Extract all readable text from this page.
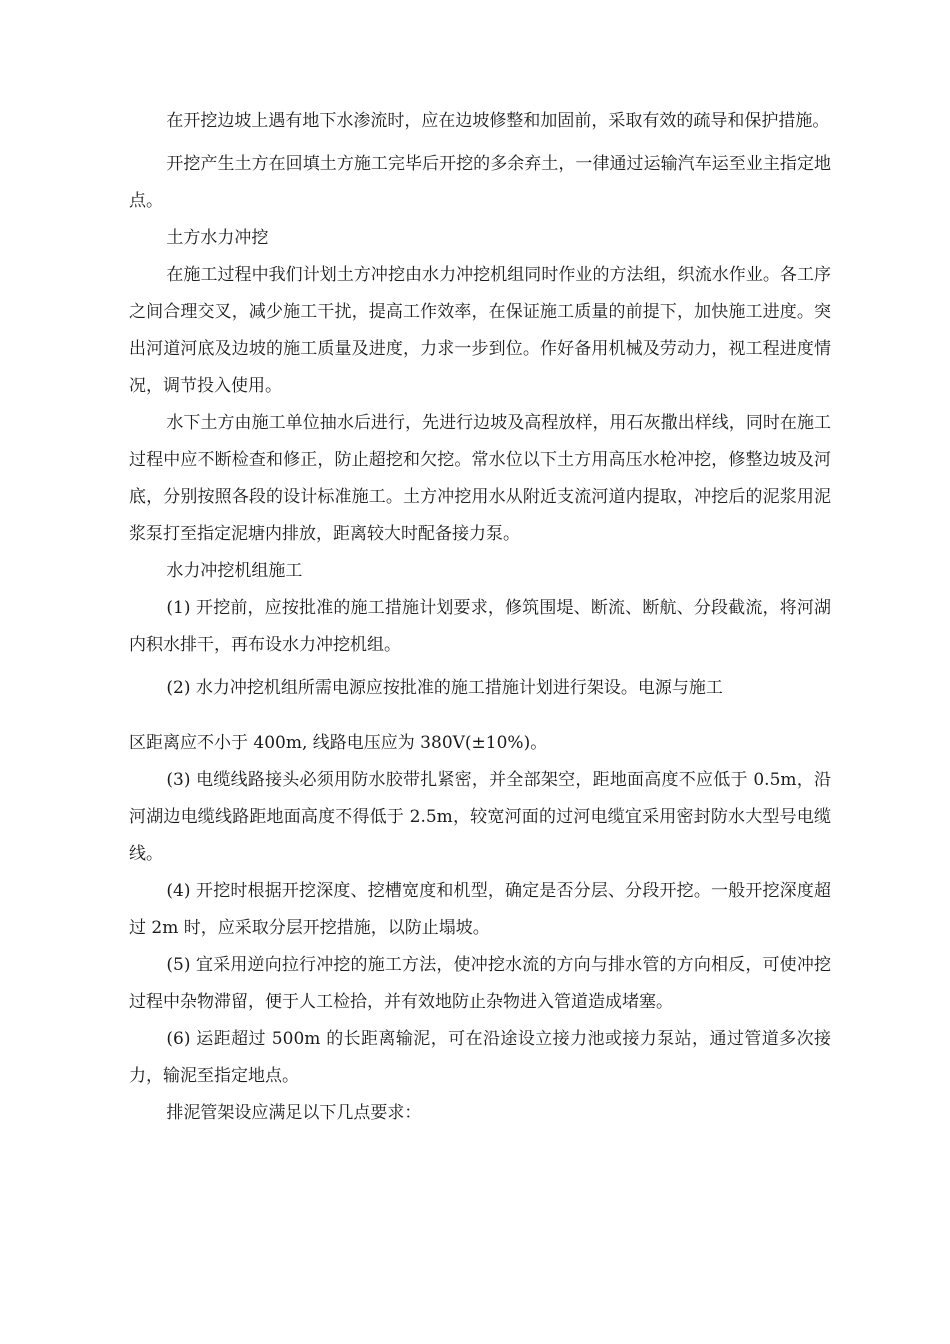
在开挖边坡上遇有地下水渗流时，应在边坡修整和加固前，采取有效的疏导和保护措施。

开挖产生土方在回填土方施工完毕后开挖的多余弃土，一律通过运输汽车运至业主指定地点。

土方水力冲挖

在施工过程中我们计划土方冲挖由水力冲挖机组同时作业的方法组，织流水作业。各工序之间合理交叉，减少施工干扰，提高工作效率，在保证施工质量的前提下，加快施工进度。突出河道河底及边坡的施工质量及进度，力求一步到位。作好备用机械及劳动力，视工程进度情况，调节投入使用。

水下土方由施工单位抽水后进行，先进行边坡及高程放样，用石灰撒出样线，同时在施工过程中应不断检查和修正，防止超挖和欠挖。常水位以下土方用高压水枪冲挖，修整边坡及河底，分别按照各段的设计标准施工。土方冲挖用水从附近支流河道内提取，冲挖后的泥浆用泥浆泵打至指定泥塘内排放，距离较大时配备接力泵。

水力冲挖机组施工

(1) 开挖前，应按批准的施工措施计划要求，修筑围堤、断流、断航、分段截流，将河湖内积水排干，再布设水力冲挖机组。

(2) 水力冲挖机组所需电源应按批准的施工措施计划进行架设。电源与施工

区距离应不小于 400m, 线路电压应为 380V(±10%)。

(3) 电缆线路接头必须用防水胶带扎紧密，并全部架空，距地面高度不应低于 0.5m，沿河湖边电缆线路距地面高度不得低于 2.5m，较宽河面的过河电缆宜采用密封防水大型号电缆线。

(4) 开挖时根据开挖深度、挖槽宽度和机型，确定是否分层、分段开挖。一般开挖深度超过 2m 时，应采取分层开挖措施，以防止塌坡。

(5) 宜采用逆向拉行冲挖的施工方法，使冲挖水流的方向与排水管的方向相反，可使冲挖过程中杂物滞留，便于人工检拾，并有效地防止杂物进入管道造成堵塞。

(6) 运距超过 500m 的长距离输泥，可在沿途设立接力池或接力泵站，通过管道多次接力，输泥至指定地点。

排泥管架设应满足以下几点要求：
